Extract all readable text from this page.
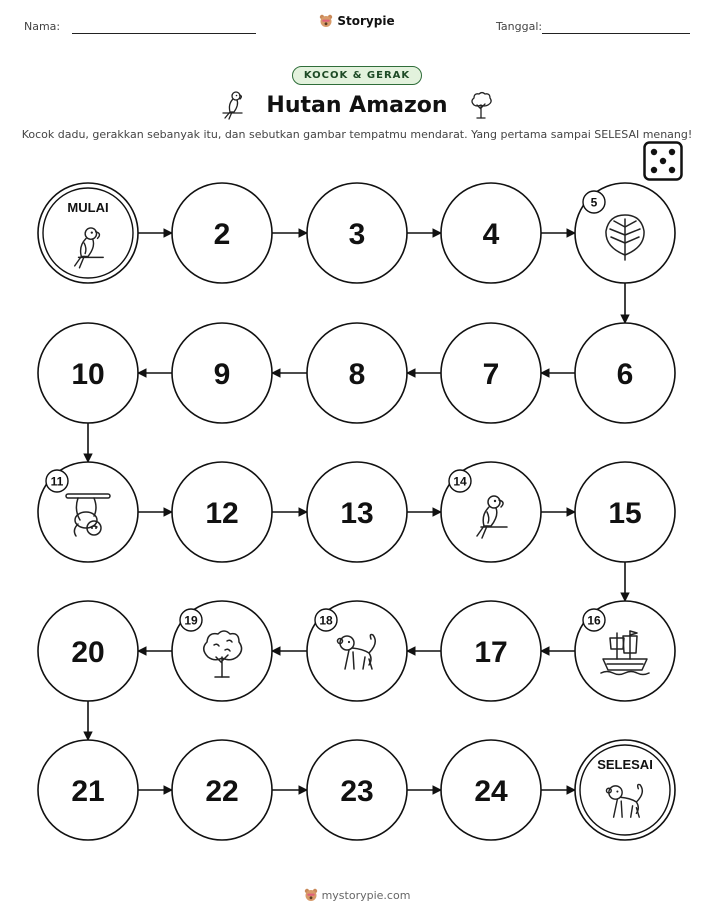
Nama:	Storypie	Tanggal:
KOCOK & GERAK
Hutan Amazon
Kocok dadu, gerakkan sebanyak itu, dan sebutkan gambar tempatmu mendarat. Yang pertama sampai SELESAI menang!
MULAI
2	3	4
5
6
7
8
9
10
11
12	13
14
15
16
17
18
19
20
21	22	23	24
SELESAI
mystorypie.com
